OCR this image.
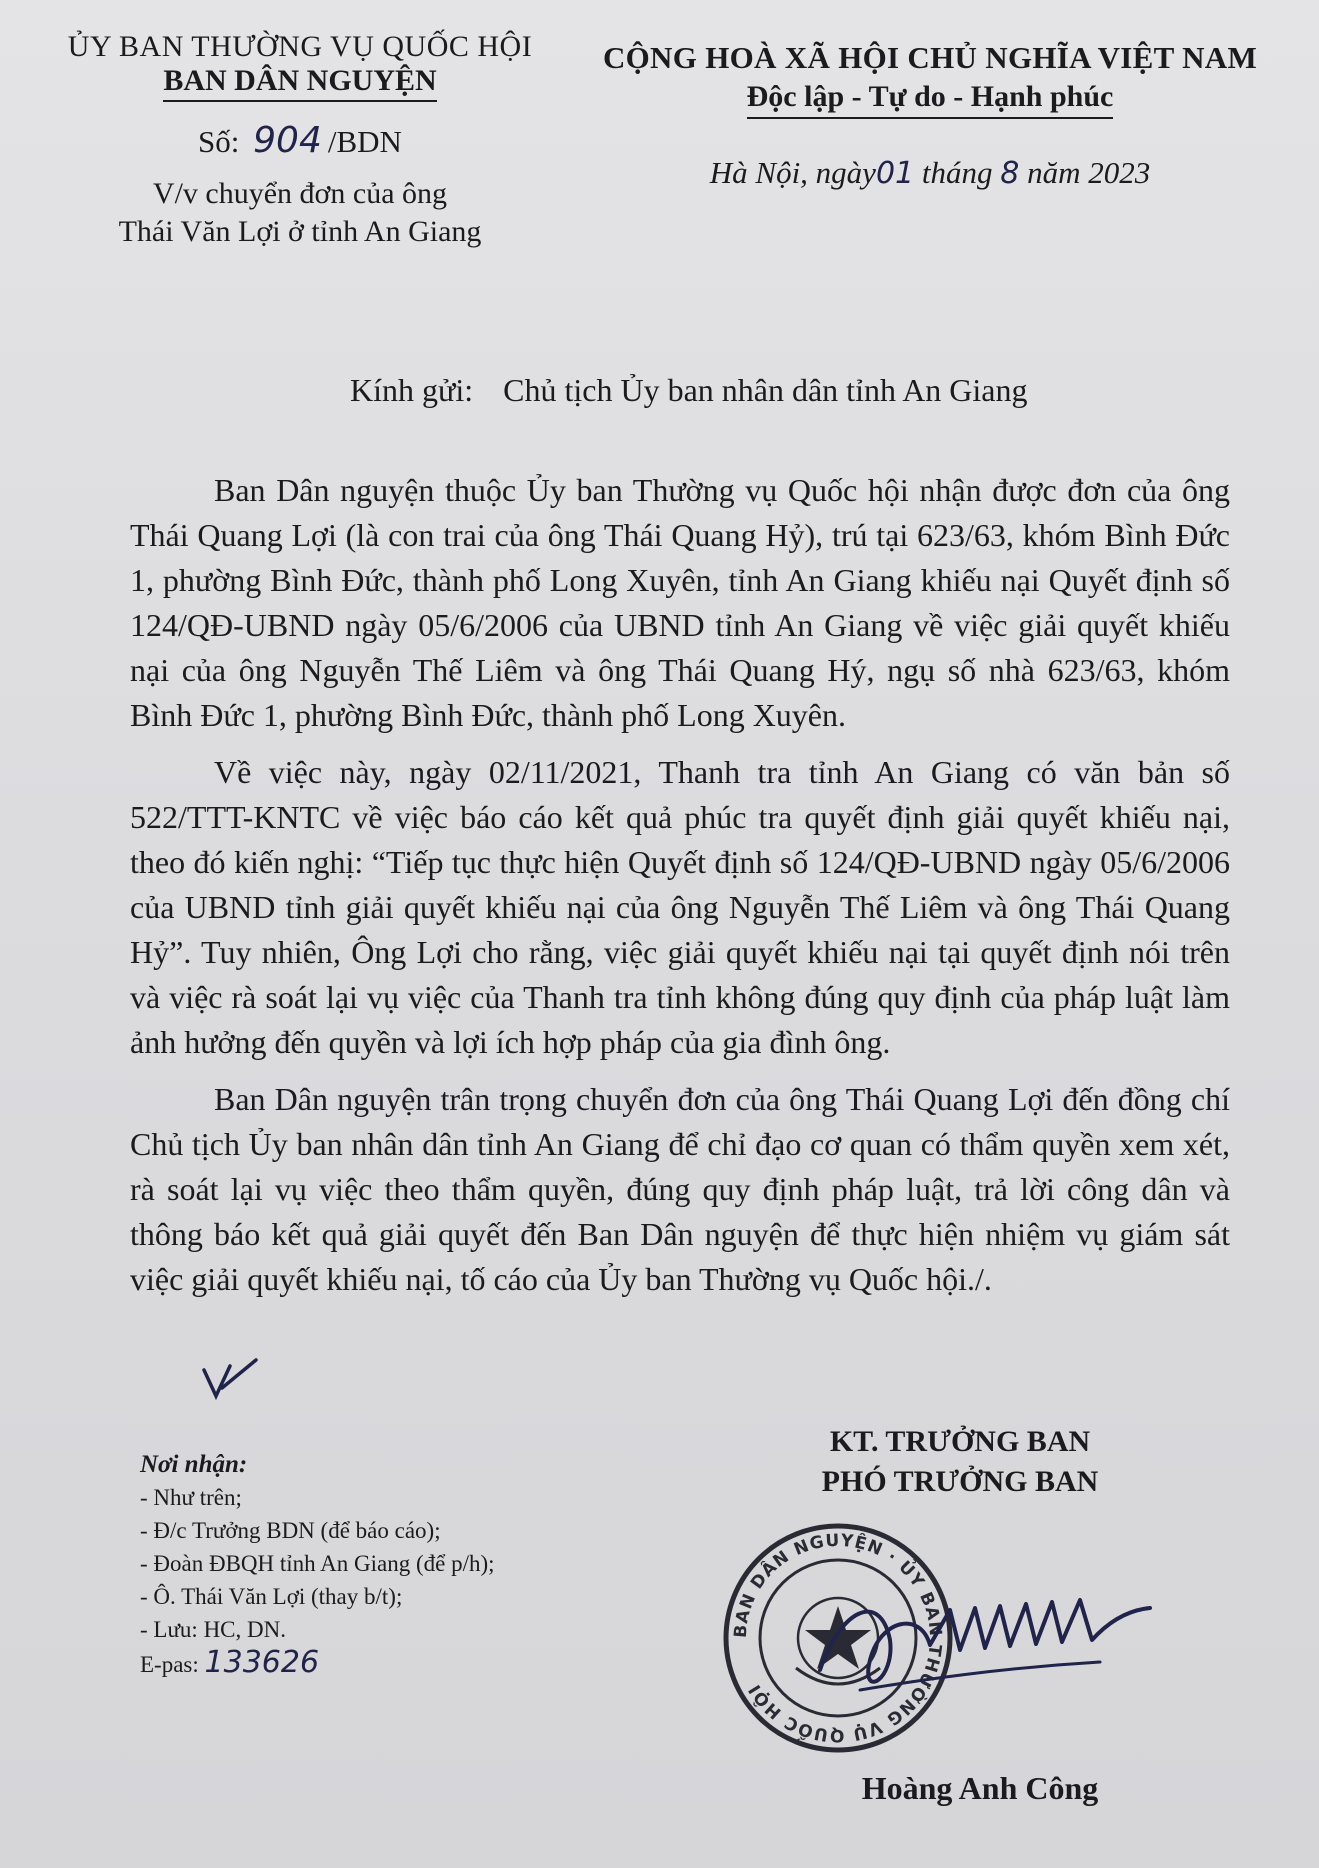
ỦY BAN THƯỜNG VỤ QUỐC HỘI
BAN DÂN NGUYỆN
Số: 904 /BDN
V/v chuyển đơn của ông
Thái Văn Lợi ở tỉnh An Giang
CỘNG HOÀ XÃ HỘI CHỦ NGHĨA VIỆT NAM
Độc lập - Tự do - Hạnh phúc
Hà Nội, ngày01 tháng 8 năm 2023
Kính gửi: Chủ tịch Ủy ban nhân dân tỉnh An Giang

Ban Dân nguyện thuộc Ủy ban Thường vụ Quốc hội nhận được đơn của ông Thái Quang Lợi (là con trai của ông Thái Quang Hỷ), trú tại 623/63, khóm Bình Đức 1, phường Bình Đức, thành phố Long Xuyên, tỉnh An Giang khiếu nại Quyết định số 124/QĐ-UBND ngày 05/6/2006 của UBND tỉnh An Giang về việc giải quyết khiếu nại của ông Nguyễn Thế Liêm và ông Thái Quang Hý, ngụ số nhà 623/63, khóm Bình Đức 1, phường Bình Đức, thành phố Long Xuyên.

Về việc này, ngày 02/11/2021, Thanh tra tỉnh An Giang có văn bản số 522/TTT-KNTC về việc báo cáo kết quả phúc tra quyết định giải quyết khiếu nại, theo đó kiến nghị: “Tiếp tục thực hiện Quyết định số 124/QĐ-UBND ngày 05/6/2006 của UBND tỉnh giải quyết khiếu nại của ông Nguyễn Thế Liêm và ông Thái Quang Hỷ”. Tuy nhiên, Ông Lợi cho rằng, việc giải quyết khiếu nại tại quyết định nói trên và việc rà soát lại vụ việc của Thanh tra tỉnh không đúng quy định của pháp luật làm ảnh hưởng đến quyền và lợi ích hợp pháp của gia đình ông.

Ban Dân nguyện trân trọng chuyển đơn của ông Thái Quang Lợi đến đồng chí Chủ tịch Ủy ban nhân dân tỉnh An Giang để chỉ đạo cơ quan có thẩm quyền xem xét, rà soát lại vụ việc theo thẩm quyền, đúng quy định pháp luật, trả lời công dân và thông báo kết quả giải quyết đến Ban Dân nguyện để thực hiện nhiệm vụ giám sát việc giải quyết khiếu nại, tố cáo của Ủy ban Thường vụ Quốc hội./.

Nơi nhận:
- Như trên;
- Đ/c Trưởng BDN (để báo cáo);
- Đoàn ĐBQH tỉnh An Giang (để p/h);
- Ô. Thái Văn Lợi (thay b/t);
- Lưu: HC, DN.
E-pas: 133626
KT. TRƯỞNG BAN
PHÓ TRƯỞNG BAN
BAN DÂN NGUYỆN · ỦY BAN THƯỜNG VỤ QUỐC HỘI
Hoàng Anh Công
